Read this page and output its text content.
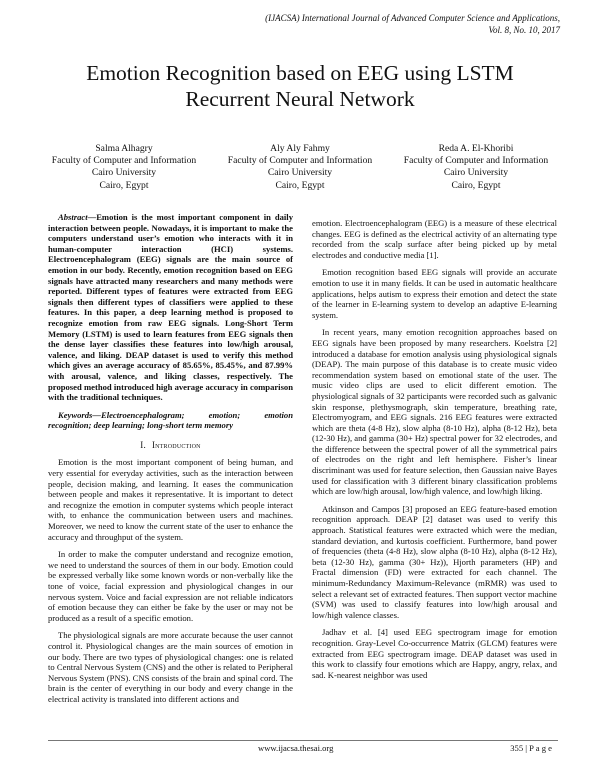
(IJACSA) International Journal of Advanced Computer Science and Applications,
Vol. 8, No. 10, 2017
Emotion Recognition based on EEG using LSTM
Recurrent Neural Network
Salma Alhagry
Faculty of Computer and Information
Cairo University
Cairo, Egypt
Aly Aly Fahmy
Faculty of Computer and Information
Cairo University
Cairo, Egypt
Reda A. El-Khoribi
Faculty of Computer and Information
Cairo University
Cairo, Egypt

Abstract—Emotion is the most important component in daily interaction between people. Nowadays, it is important to make the computers understand user’s emotion who interacts with it in human-computer interaction (HCI) systems. Electroencephalogram (EEG) signals are the main source of emotion in our body. Recently, emotion recognition based on EEG signals have attracted many researchers and many methods were reported. Different types of features were extracted from EEG signals then different types of classifiers were applied to these features. In this paper, a deep learning method is proposed to recognize emotion from raw EEG signals. Long-Short Term Memory (LSTM) is used to learn features from EEG signals then the dense layer classifies these features into low/high arousal, valence, and liking. DEAP dataset is used to verify this method which gives an average accuracy of 85.65%, 85.45%, and 87.99% with arousal, valence, and liking classes, respectively. The proposed method introduced high average accuracy in comparison with the traditional techniques.

Keywords—Electroencephalogram; emotion; emotion recognition; deep learning; long-short term memory

I. Introduction

Emotion is the most important component of being human, and very essential for everyday activities, such as the interaction between people, decision making, and learning. It eases the communication between people and makes it representative. It is important to detect and recognize the emotion in computer systems which people interact with, to enhance the communication between users and machines. Moreover, we need to know the current state of the user to enhance the accuracy and throughput of the system.

In order to make the computer understand and recognize emotion, we need to understand the sources of them in our body. Emotion could be expressed verbally like some known words or non-verbally like the tone of voice, facial expression and physiological changes in our nervous system. Voice and facial expression are not reliable indicators of emotion because they can either be fake by the user or may not be produced as a result of a specific emotion.

The physiological signals are more accurate because the user cannot control it. Physiological changes are the main sources of emotion in our body. There are two types of physiological changes: one is related to Central Nervous System (CNS) and the other is related to Peripheral Nervous System (PNS). CNS consists of the brain and spinal cord. The brain is the center of everything in our body and every change in the electrical activity is translated into different actions and

emotion. Electroencephalogram (EEG) is a measure of these electrical changes. EEG is defined as the electrical activity of an alternating type recorded from the scalp surface after being picked up by metal electrodes and conductive media [1].

Emotion recognition based EEG signals will provide an accurate emotion to use it in many fields. It can be used in automatic healthcare applications, helps autism to express their emotion and detect the state of the learner in E-learning system to develop an adaptive E-learning system.

In recent years, many emotion recognition approaches based on EEG signals have been proposed by many researchers. Koelstra [2] introduced a database for emotion analysis using physiological signals (DEAP). The main purpose of this database is to create music video recommendation system based on emotional state of the user. The music video clips are used to elicit different emotion. The physiological signals of 32 participants were recorded such as galvanic skin response, plethysmograph, skin temperature, breathing rate, Electromyogram, and EEG signals. 216 EEG features were extracted which are theta (4-8 Hz), slow alpha (8-10 Hz), alpha (8-12 Hz), beta (12-30 Hz), and gamma (30+ Hz) spectral power for 32 electrodes, and the difference between the spectral power of all the symmetrical pairs of electrodes on the right and left hemisphere. Fisher’s linear discriminant was used for feature selection, then Gaussian naive Bayes used for classification with 3 different binary classification problems which are low/high arousal, low/high valence, and low/high liking.

Atkinson and Campos [3] proposed an EEG feature-based emotion recognition approach. DEAP [2] dataset was used to verify this approach. Statistical features were extracted which were the median, standard deviation, and kurtosis coefficient. Furthermore, band power of frequencies (theta (4-8 Hz), slow alpha (8-10 Hz), alpha (8-12 Hz), beta (12-30 Hz), gamma (30+ Hz)), Hjorth parameters (HP) and Fractal dimension (FD) were extracted for each channel. The minimum-Redundancy Maximum-Relevance (mRMR) was used to select a relevant set of extracted features. Then support vector machine (SVM) was used to classify features into low/high arousal and low/high valence classes.

Jadhav et al. [4] used EEG spectrogram image for emotion recognition. Gray-Level Co-occurrence Matrix (GLCM) features were extracted from EEG spectrogram image. DEAP dataset was used in this work to classify four emotions which are Happy, angry, relax, and sad. K-nearest neighbor was used

www.ijacsa.thesai.org	355 | P a g e
